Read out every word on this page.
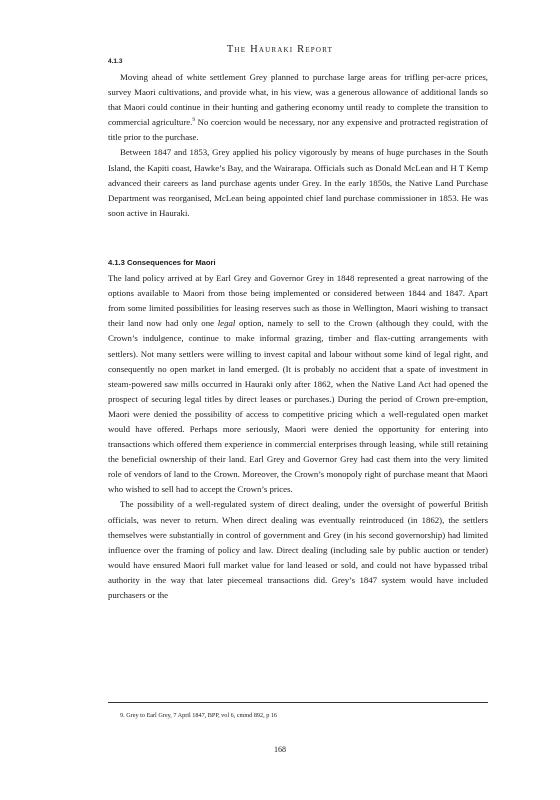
The Hauraki Report
4.1.3

Moving ahead of white settlement Grey planned to purchase large areas for trifling per-acre prices, survey Maori cultivations, and provide what, in his view, was a generous allowance of additional lands so that Maori could continue in their hunting and gathering economy until ready to complete the transition to commercial agriculture.$^9$ No coercion would be necessary, nor any expensive and protracted registration of title prior to the purchase.

Between 1847 and 1853, Grey applied his policy vigorously by means of huge purchases in the South Island, the Kapiti coast, Hawke’s Bay, and the Wairarapa. Officials such as Donald McLean and H T Kemp advanced their careers as land purchase agents under Grey. In the early 1850s, the Native Land Purchase Department was reorganised, McLean being appointed chief land purchase commissioner in 1853. He was soon active in Hauraki.

4.1.3 Consequences for Maori

The land policy arrived at by Earl Grey and Governor Grey in 1848 represented a great narrowing of the options available to Maori from those being implemented or considered between 1844 and 1847. Apart from some limited possibilities for leasing reserves such as those in Wellington, Maori wishing to transact their land now had only one legal option, namely to sell to the Crown (although they could, with the Crown’s indulgence, continue to make informal grazing, timber and flax-cutting arrangements with settlers). Not many settlers were willing to invest capital and labour without some kind of legal right, and consequently no open market in land emerged. (It is probably no accident that a spate of investment in steam-powered saw mills occurred in Hauraki only after 1862, when the Native Land Act had opened the prospect of securing legal titles by direct leases or purchases.) During the period of Crown pre-emption, Maori were denied the possibility of access to competitive pricing which a well-regulated open market would have offered. Perhaps more seriously, Maori were denied the opportunity for entering into transactions which offered them experience in commercial enterprises through leasing, while still retaining the beneficial ownership of their land. Earl Grey and Governor Grey had cast them into the very limited role of vendors of land to the Crown. Moreover, the Crown’s monopoly right of purchase meant that Maori who wished to sell had to accept the Crown’s prices.

The possibility of a well-regulated system of direct dealing, under the oversight of powerful British officials, was never to return. When direct dealing was eventually reintroduced (in 1862), the settlers themselves were substantially in control of government and Grey (in his second governorship) had limited influence over the framing of policy and law. Direct dealing (including sale by public auction or tender) would have ensured Maori full market value for land leased or sold, and could not have bypassed tribal authority in the way that later piecemeal transactions did. Grey’s 1847 system would have included purchasers or the

9. Grey to Earl Grey, 7 April 1847, BPP, vol 6, cmmd 892, p 16
168
